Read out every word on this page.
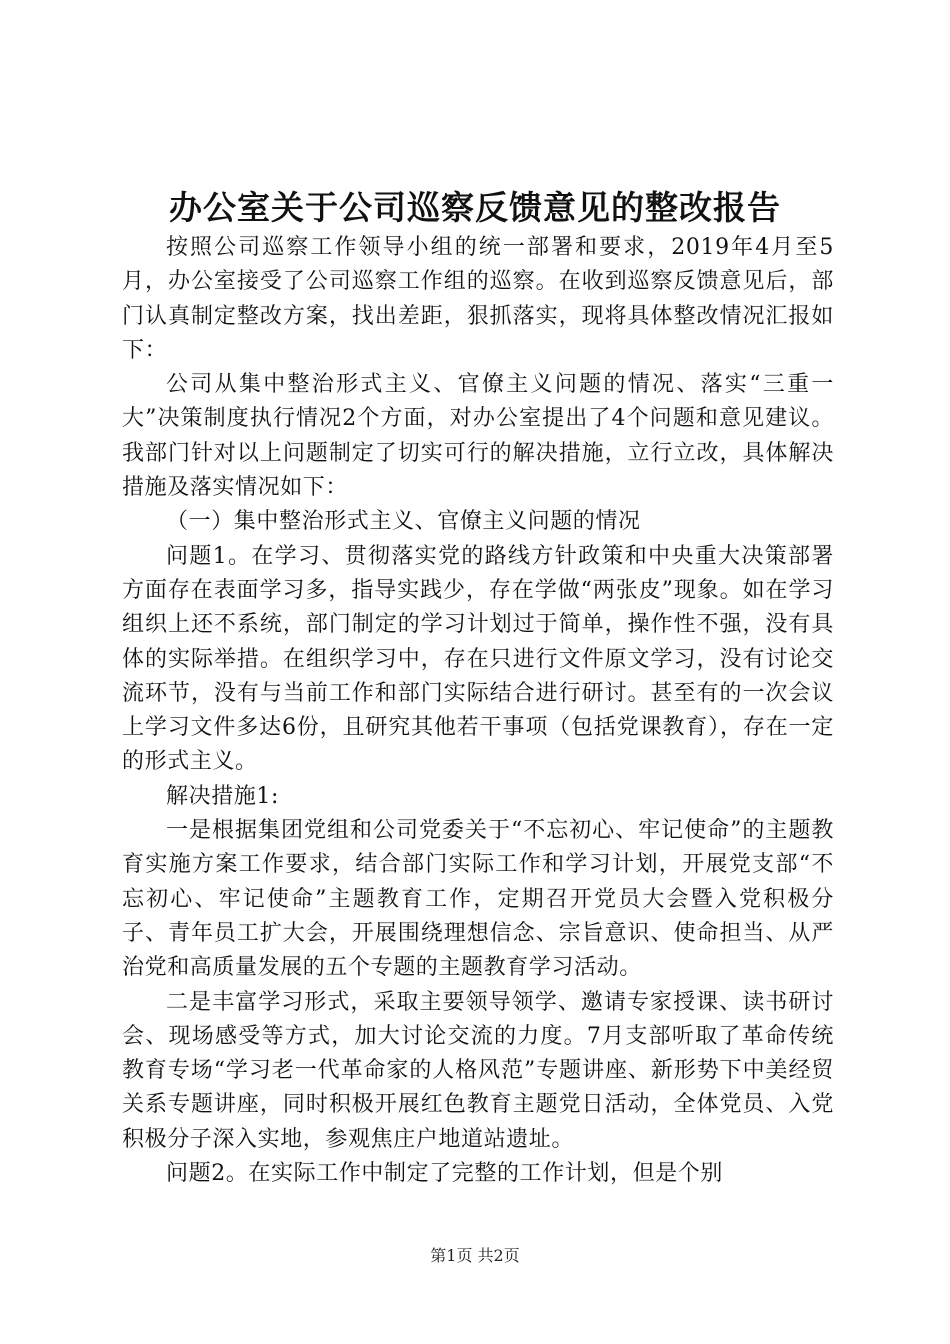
办公室关于公司巡察反馈意见的整改报告

按照公司巡察工作领导小组的统一部署和要求，2019年4月至5月，办公室接受了公司巡察工作组的巡察。在收到巡察反馈意见后，部门认真制定整改方案，找出差距，狠抓落实，现将具体整改情况汇报如下：

公司从集中整治形式主义、官僚主义问题的情况、落实“三重一大”决策制度执行情况2个方面，对办公室提出了4个问题和意见建议。我部门针对以上问题制定了切实可行的解决措施，立行立改，具体解决措施及落实情况如下：

（一）集中整治形式主义、官僚主义问题的情况

问题1。在学习、贯彻落实党的路线方针政策和中央重大决策部署方面存在表面学习多，指导实践少，存在学做“两张皮”现象。如在学习组织上还不系统，部门制定的学习计划过于简单，操作性不强，没有具体的实际举措。在组织学习中，存在只进行文件原文学习，没有讨论交流环节，没有与当前工作和部门实际结合进行研讨。甚至有的一次会议上学习文件多达6份，且研究其他若干事项（包括党课教育），存在一定的形式主义。

解决措施1:

一是根据集团党组和公司党委关于“不忘初心、牢记使命”的主题教育实施方案工作要求，结合部门实际工作和学习计划，开展党支部“不忘初心、牢记使命”主题教育工作，定期召开党员大会暨入党积极分子、青年员工扩大会，开展围绕理想信念、宗旨意识、使命担当、从严治党和高质量发展的五个专题的主题教育学习活动。

二是丰富学习形式，采取主要领导领学、邀请专家授课、读书研讨会、现场感受等方式，加大讨论交流的力度。7月支部听取了革命传统教育专场“学习老一代革命家的人格风范”专题讲座、新形势下中美经贸关系专题讲座，同时积极开展红色教育主题党日活动，全体党员、入党积极分子深入实地，参观焦庄户地道站遗址。

问题2。在实际工作中制定了完整的工作计划，但是个别

第1页 共2页
